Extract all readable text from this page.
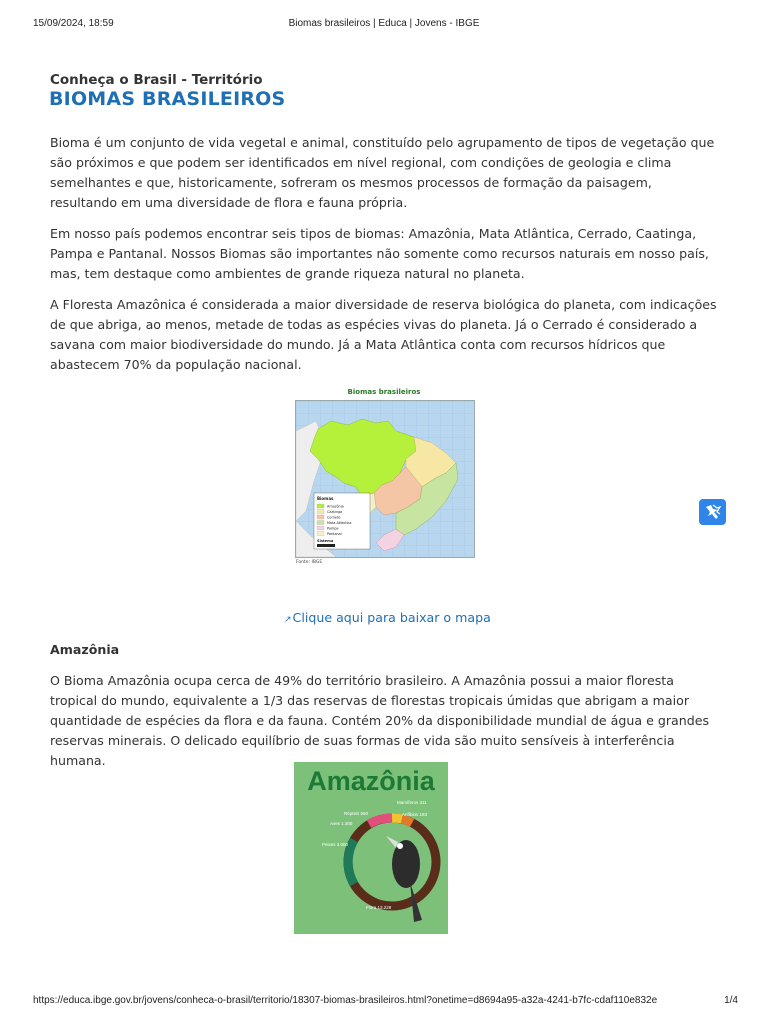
15/09/2024, 18:59	Biomas brasileiros | Educa | Jovens - IBGE
Conheça o Brasil - Território
BIOMAS BRASILEIROS
Bioma é um conjunto de vida vegetal e animal, constituído pelo agrupamento de tipos de vegetação que são próximos e que podem ser identificados em nível regional, com condições de geologia e clima semelhantes e que, historicamente, sofreram os mesmos processos de formação da paisagem, resultando em uma diversidade de flora e fauna própria.
Em nosso país podemos encontrar seis tipos de biomas: Amazônia, Mata Atlântica, Cerrado, Caatinga, Pampa e Pantanal. Nossos Biomas são importantes não somente como recursos naturais em nosso país, mas, tem destaque como ambientes de grande riqueza natural no planeta.
A Floresta Amazônica é considerada a maior diversidade de reserva biológica do planeta, com indicações de que abriga, ao menos, metade de todas as espécies vivas do planeta. Já o Cerrado é considerado a savana com maior biodiversidade do mundo. Já a Mata Atlântica conta com recursos hídricos que abastecem 70% da população nacional.
Biomas brasileiros
Biomas
Amazônia
Caatinga
Cerrado
Mata Atlântica
Pampa
Pantanal
Sistema
Fonte: IBGE
↗Clique aqui para baixar o mapa
Amazônia
O Bioma Amazônia ocupa cerca de 49% do território brasileiro. A Amazônia possui a maior floresta tropical do mundo, equivalente a 1/3 das reservas de florestas tropicais úmidas que abrigam a maior quantidade de espécies da flora e da fauna. Contém 20% da disponibilidade mundial de água e grandes reservas minerais. O delicado equilíbrio de suas formas de vida são muito sensíveis à interferência humana.
Amazônia	Agência IBGE de Notícias
Mamíferos 311
Répteis 550	Anfíbios 163
Aves 1.300
Peixes 3.000
Flora 13.229
https://educa.ibge.gov.br/jovens/conheca-o-brasil/territorio/18307-biomas-brasileiros.html?onetime=d8694a95-a32a-4241-b7fc-cdaf110e832e	1/4
